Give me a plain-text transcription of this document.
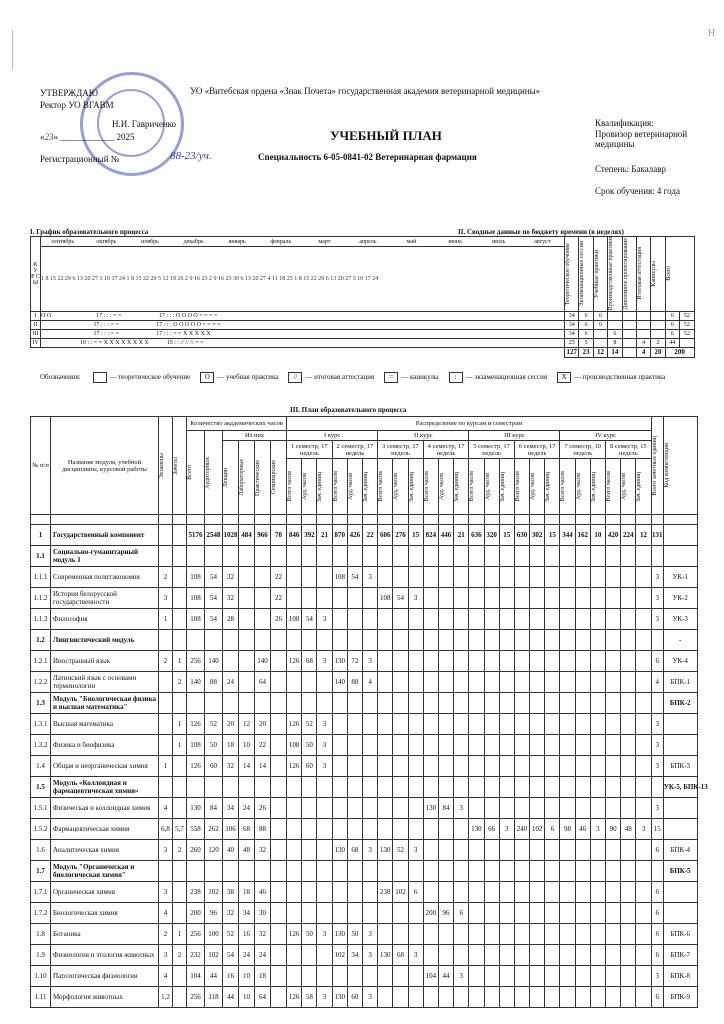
Н
УТВЕРЖДАЮ
Ректор УО ВГАВМ
Н.И. Гавриченко
«23» ____________ 2025
Регистрационный №	88-23/уч.
УО «Витебская ордена «Знак Почета» государственная академия ветеринарной медицины»
УЧЕБНЫЙ ПЛАН
Специальность 6-05-0841-02 Ветеринарная фармация
Квалификация:
Провизор ветеринарной медицины
Степень: Бакалавр
Срок обучения: 4 года
I. График образовательного процесса	II. Сводные данные по бюджету времени (в неделях)
К У Р С Ы	сентябрь октябрь ноябрь декабрь январь февраль март апрель май июнь июль август	Теоретическое обучение	Экзаменационные сессии	Учебные практики	Производственные практики	Дипломное проектирование	Итоговая аттестация	Каникулы	Всего	

	1 8 15 22 29 6 13 20 27 3 10 17 24 1 8 15 22 29 5 12 19 26 2 9 16 23 2 9 16 23 30 6 13 20 27 4 11 18 25 1 8 15 22 29 6 13 20 27 3 10 17 24									
I	О О                              17 : : : = =                         17 : : : О О О О = = = =	34	6	6					6	52
II	17 : : : = =                         17 : : : О О О О О = = = =	34	6	6					6	52
III	17 : : : = =                         17 : : : = = X X X X X	34	6		6				6	52
IV	10 : : = = X X X X X X X X            15 : : // // // = =	25	5		8		4	2	44	
		127	23	12	14		4	20	200	
Обозначения:	— теоретическое обучение О — учебная практика // — итоговая аттестация = — каникулы : — экзаменационная сессия X — производственная практика
III. План образовательного процесса
№ п/п	Название модуля, учебной дисциплины, курсовой работы	Экзамены	Зачеты	Количество академических часов						Распределение по курсам и семестрам																								Всего зачетных единиц	Код компетенции

				Всего	Аудиторных	Из них				I курс						II курс						III курс						IV курс							

						Лекции	Лабораторные	Практические	Семинарские	1 семестр, 17 недель			2 семестр, 17 недель			3 семестр, 17 недель			4 семестр, 17 недель			5 семестр, 17 недель			6 семестр, 17 недель			7 семестр, 10 недель			8 семестр, 15 недель				

										Всего часов	Ауд. часов	Зач. единиц	Всего часов	Ауд. часов	Зач. единиц	Всего часов	Ауд. часов	Зач. единиц	Всего часов	Ауд. часов	Зач. единиц	Всего часов	Ауд. часов	Зач. единиц	Всего часов	Ауд. часов	Зач. единиц	Всего часов	Ауд. часов	Зач. единиц	Всего часов	Ауд. часов	Зач. единиц		

1	Государственный компонент			5176	2548	1028	484	966	70	846	392	21	870	426	22	606	276	15	824	446	21	636	320	15	630	302	15	344	162	10	420	224	12	131	
1.1	Социально-гуманитарный модуль 1																																		
1.1.1	Современная политэкономия	2		108	54	32			22				108	54	3																			3	УК-1
1.1.2	История белорусской государственности	3		108	54	32			22							108	54	3																3	УК-2
1.1.3	Философия	1		108	54	28			26	108	54	3																						3	УК-3
1.2	Лингвистический модуль																																		-
1.2.1	Иностранный язык	2	1	256	140			140		126	68	3	130	72	3																			6	УК-4
1.2.2	Латинский язык с основами терминологии		2	140	88	24		64					140	88	4																			4	БПК-1
1.3	Модуль "Биологическая физика и высшая математика"																																		БПК-2
1.3.1	Высшая математика		1	126	52	20	12	20		126	52	3																						3	
1.3.2	Физика и биофизика		1	108	50	18	10	22		108	50	3																						3	
1.4	Общая и неорганическая химия	1		126	60	32	14	14		126	60	3																						3	БПК-3
1.5	Модуль «Коллоидная и фармацевтическая химия»																																		УК-5, БПК-13
1.5.1	Физическая и коллоидная химия	4		130	84	34	24	26											130	84	3													3	
1.5.2	Фармацевтическая химия	6,8	5,7	558	262	106	68	88														130	66	3	240	102	6	98	46	3	90	48	3	15	
1.6	Аналитическая химия	3	2	260	120	40	48	32					130	68	3	130	52	3																6	БПК-4
1.7	Модуль "Органическая и биологическая химия"																																		БПК-5
1.7.1	Органическая химия	3		238	102	38	18	46								238	102	6																6	
1.7.2	Биологическая химия	4		200	96	32	34	30											200	96	6													6	
1.8	Ботаника	2	1	256	100	52	16	32		126	50	3	130	50	3																			6	БПК-6
1.9	Физиология и этология животных	3	2	232	102	54	24	24					102	34	3	130	68	3																6	БПК-7
1.10	Патологическая физиология	4		104	44	16	10	18											104	44	3													3	БПК-8
1.11	Морфология животных	1,2		256	118	44	10	64		126	58	3	130	60	3																			6	БПК-9
